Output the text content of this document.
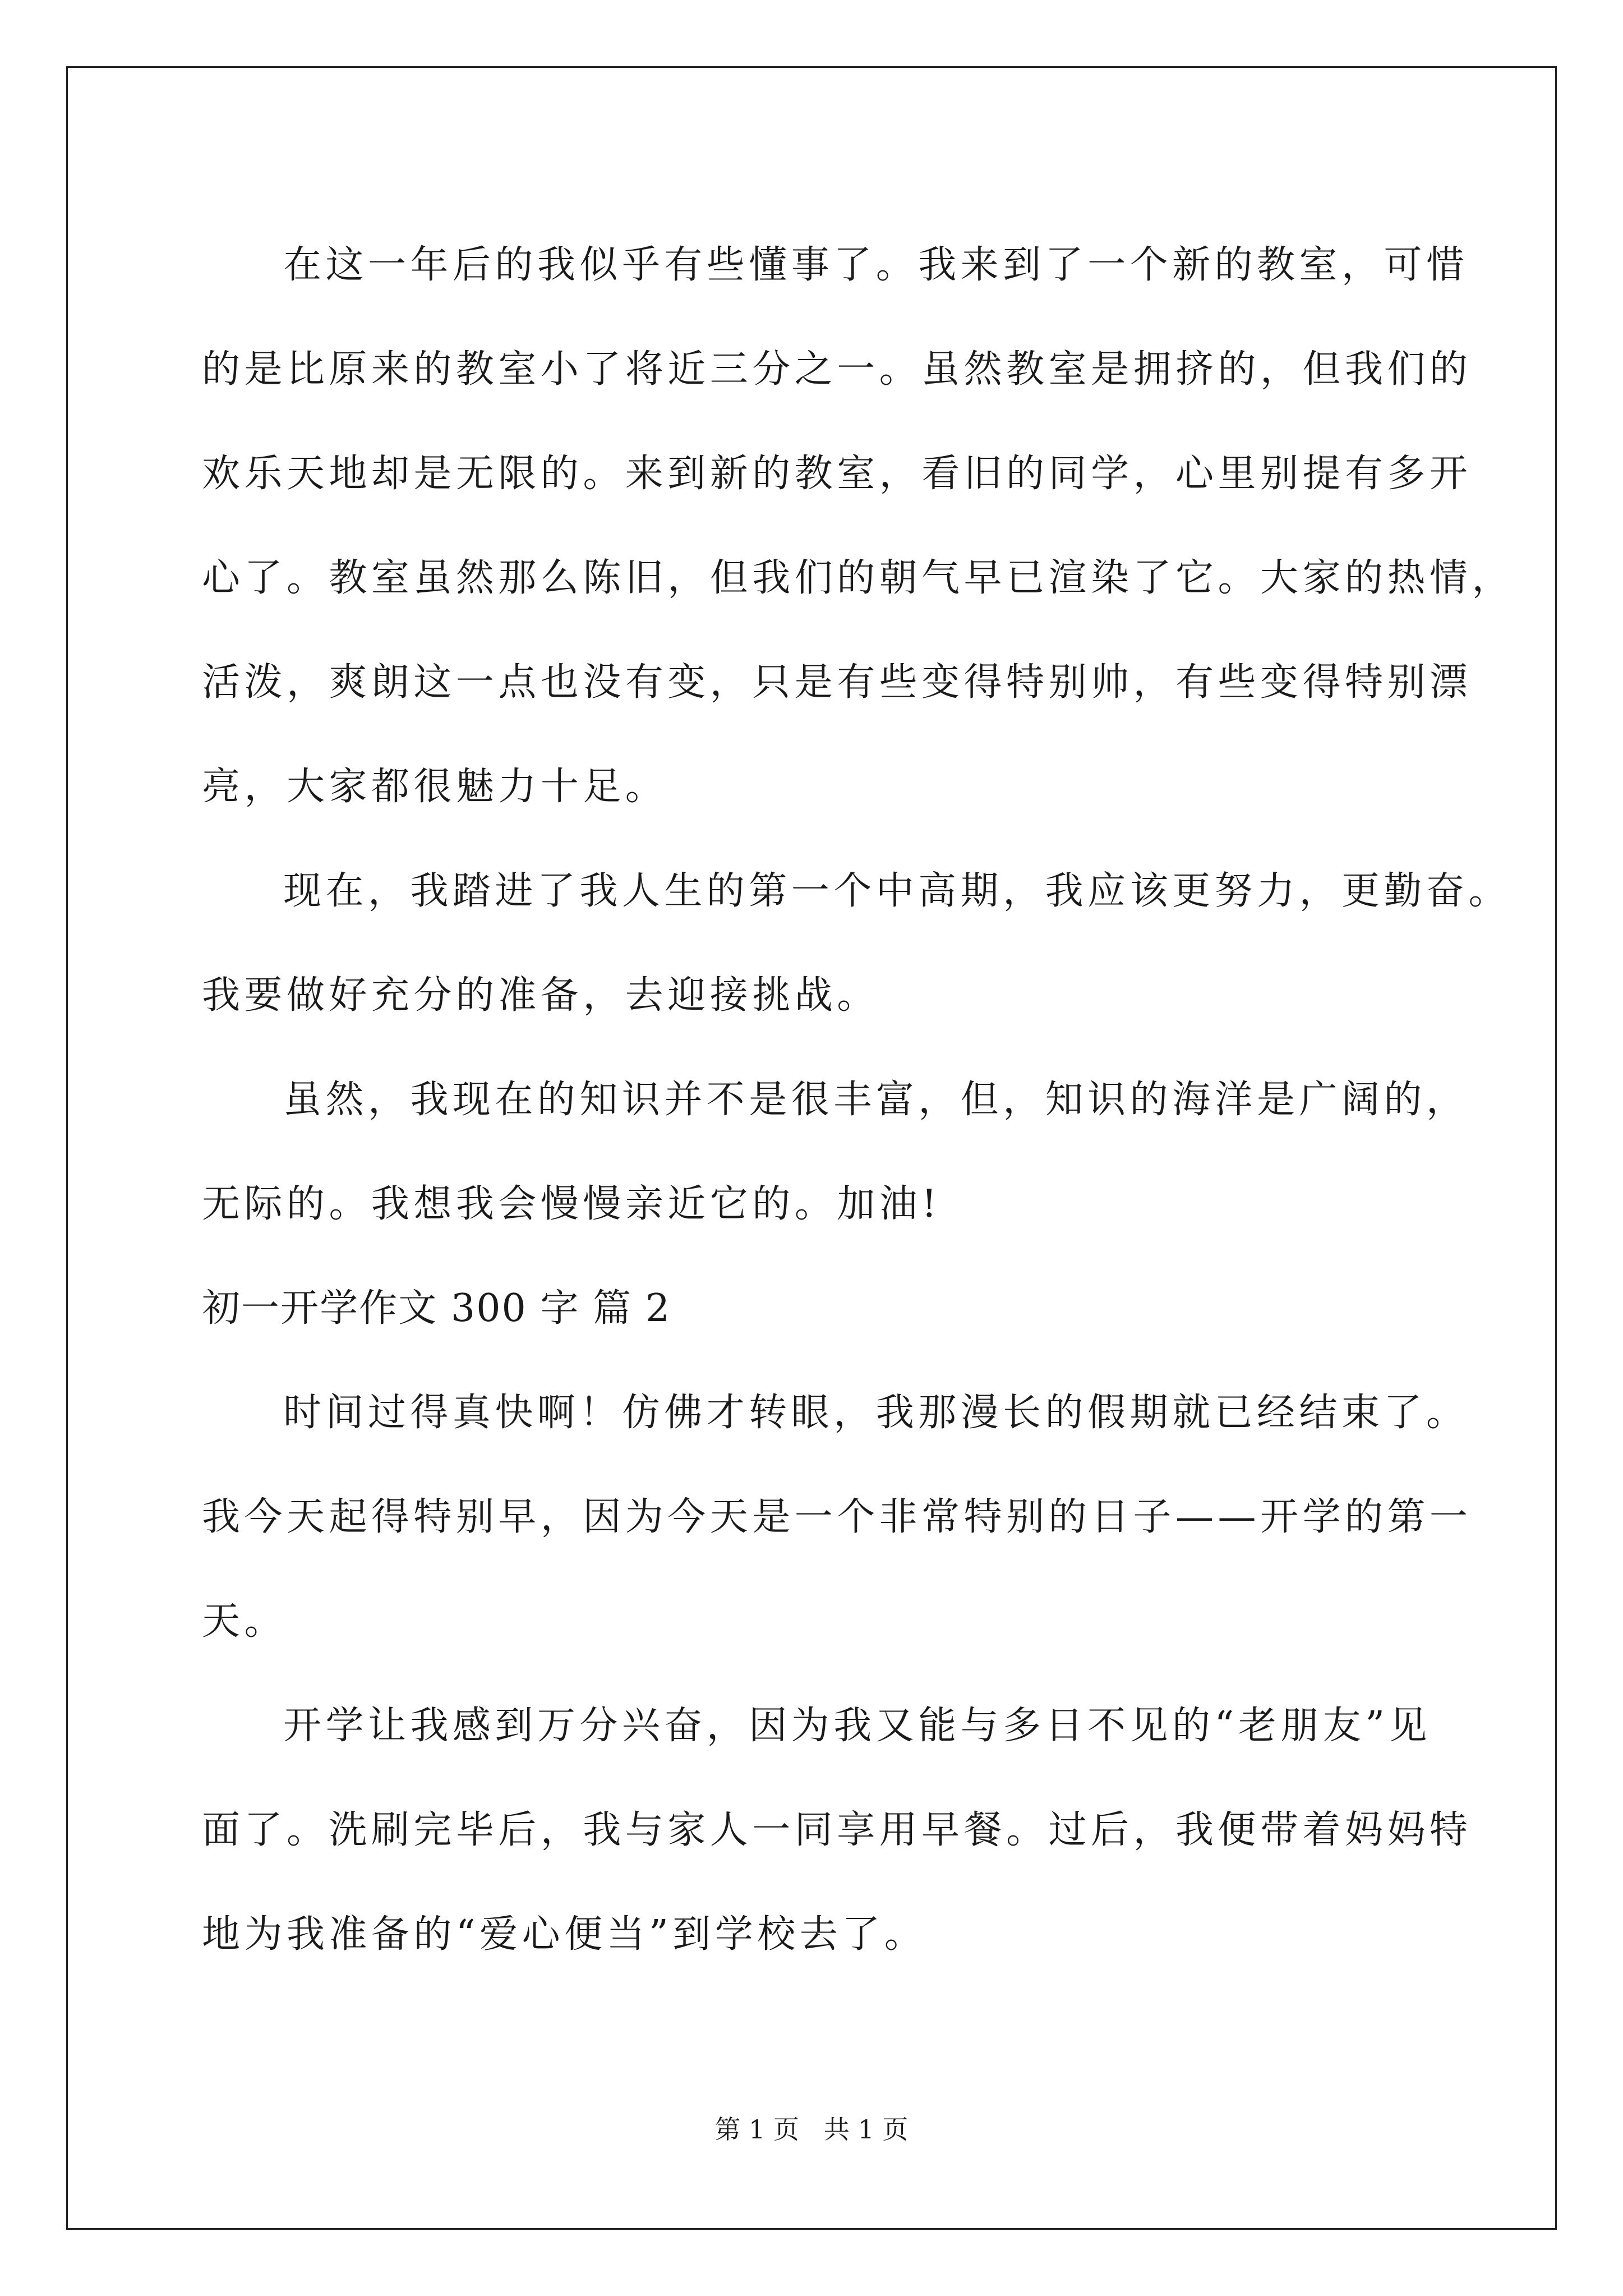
在这一年后的我似乎有些懂事了。我来到了一个新的教室，可惜
的是比原来的教室小了将近三分之一。虽然教室是拥挤的，但我们的
欢乐天地却是无限的。来到新的教室，看旧的同学，心里别提有多开
心了。教室虽然那么陈旧，但我们的朝气早已渲染了它。大家的热情，
活泼，爽朗这一点也没有变，只是有些变得特别帅，有些变得特别漂
亮，大家都很魅力十足。
现在，我踏进了我人生的第一个中高期，我应该更努力，更勤奋。
我要做好充分的准备，去迎接挑战。
虽然，我现在的知识并不是很丰富，但，知识的海洋是广阔的，
无际的。我想我会慢慢亲近它的。加油!
初一开学作文 300 字 篇 2
时间过得真快啊！仿佛才转眼，我那漫长的假期就已经结束了。
我今天起得特别早，因为今天是一个非常特别的日子——开学的第一
天。
开学让我感到万分兴奋，因为我又能与多日不见的“老朋友”见
面了。洗刷完毕后，我与家人一同享用早餐。过后，我便带着妈妈特
地为我准备的“爱心便当”到学校去了。
第 1 页   共 1 页
